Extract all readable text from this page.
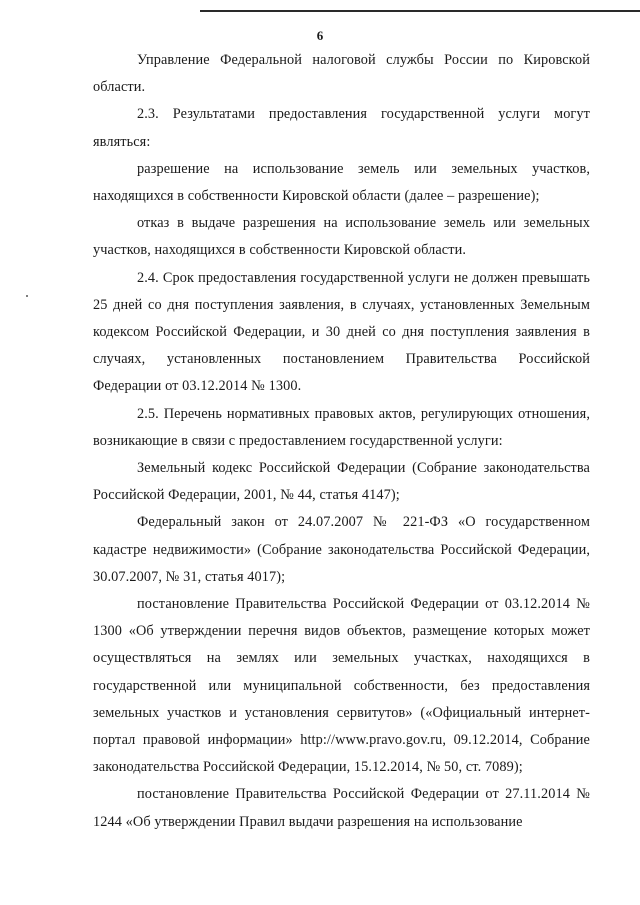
6

Управление Федеральной налоговой службы России по Кировской области.

2.3. Результатами предоставления государственной услуги могут являться:

разрешение на использование земель или земельных участков, находящихся в собственности Кировской области (далее – разрешение);

отказ в выдаче разрешения на использование земель или земельных участков, находящихся в собственности Кировской области.

2.4. Срок предоставления государственной услуги не должен превышать 25 дней со дня поступления заявления, в случаях, установленных Земельным кодексом Российской Федерации, и 30 дней со дня поступления заявления в случаях, установленных постановлением Правительства Российской Федерации от 03.12.2014 № 1300.

2.5. Перечень нормативных правовых актов, регулирующих отношения, возникающие в связи с предоставлением государственной услуги:

Земельный кодекс Российской Федерации (Собрание законодательства Российской Федерации, 2001, № 44, статья 4147);

Федеральный закон от 24.07.2007 № 221-ФЗ «О государственном кадастре недвижимости» (Собрание законодательства Российской Федерации, 30.07.2007, № 31, статья 4017);

постановление Правительства Российской Федерации от 03.12.2014 № 1300 «Об утверждении перечня видов объектов, размещение которых может осуществляться на землях или земельных участках, находящихся в государственной или муниципальной собственности, без предоставления земельных участков и установления сервитутов» («Официальный интернет-портал правовой информации» http://www.pravo.gov.ru, 09.12.2014, Собрание законодательства Российской Федерации, 15.12.2014, № 50, ст. 7089);

постановление Правительства Российской Федерации от 27.11.2014 № 1244 «Об утверждении Правил выдачи разрешения на использование
